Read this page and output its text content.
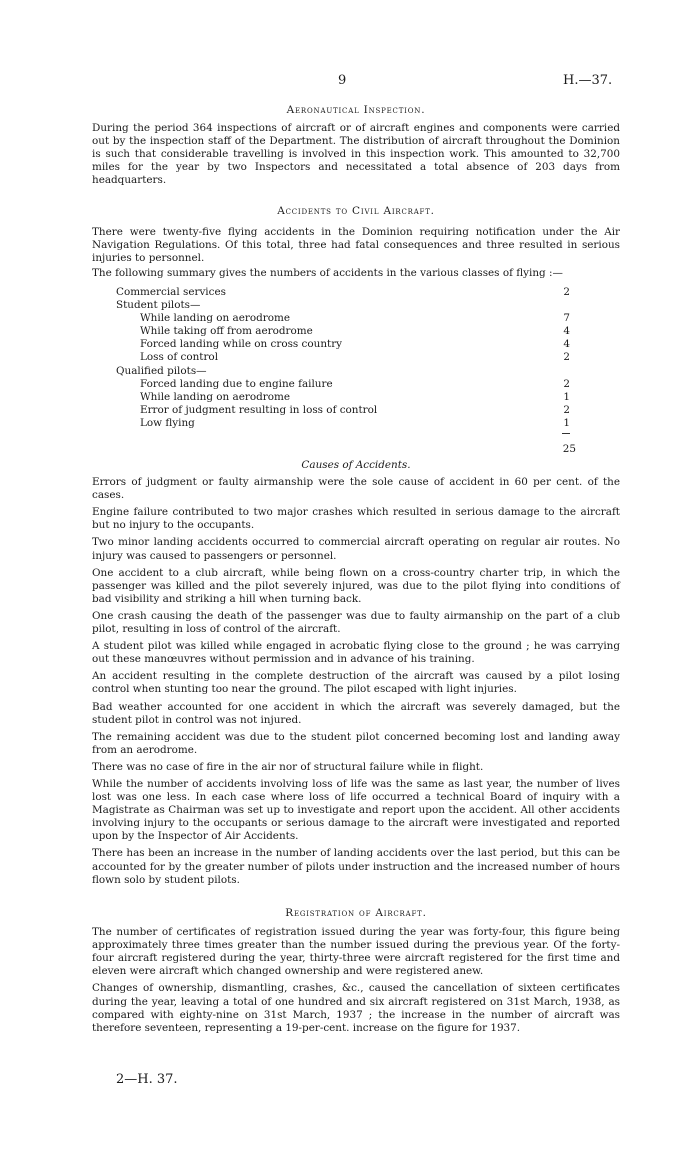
9	H.—37.

Aeronautical Inspection.

During the period 364 inspections of aircraft or of aircraft engines and components were carried out by the inspection staff of the Department. The distribution of aircraft throughout the Dominion is such that considerable travelling is involved in this inspection work. This amounted to 32,700 miles for the year by two Inspectors and necessitated a total absence of 203 days from headquarters.

Accidents to Civil Aircraft.

There were twenty-five flying accidents in the Dominion requiring notification under the Air Navigation Regulations. Of this total, three had fatal consequences and three resulted in serious injuries to personnel.

The following summary gives the numbers of accidents in the various classes of flying :—

Commercial services	2
Student pilots—
While landing on aerodrome	7
While taking off from aerodrome	4
Forced landing while on cross country	4
Loss of control	2
Qualified pilots—
Forced landing due to engine failure	2
While landing on aerodrome	1
Error of judgment resulting in loss of control	2
Low flying	1
25

Causes of Accidents.

Errors of judgment or faulty airmanship were the sole cause of accident in 60 per cent. of the cases.

Engine failure contributed to two major crashes which resulted in serious damage to the aircraft but no injury to the occupants.

Two minor landing accidents occurred to commercial aircraft operating on regular air routes. No injury was caused to passengers or personnel.

One accident to a club aircraft, while being flown on a cross-country charter trip, in which the passenger was killed and the pilot severely injured, was due to the pilot flying into conditions of bad visibility and striking a hill when turning back.

One crash causing the death of the passenger was due to faulty airmanship on the part of a club pilot, resulting in loss of control of the aircraft.

A student pilot was killed while engaged in acrobatic flying close to the ground ; he was carrying out these manœuvres without permission and in advance of his training.

An accident resulting in the complete destruction of the aircraft was caused by a pilot losing control when stunting too near the ground. The pilot escaped with light injuries.

Bad weather accounted for one accident in which the aircraft was severely damaged, but the student pilot in control was not injured.

The remaining accident was due to the student pilot concerned becoming lost and landing away from an aerodrome.

There was no case of fire in the air nor of structural failure while in flight.

While the number of accidents involving loss of life was the same as last year, the number of lives lost was one less. In each case where loss of life occurred a technical Board of inquiry with a Magistrate as Chairman was set up to investigate and report upon the accident. All other accidents involving injury to the occupants or serious damage to the aircraft were investigated and reported upon by the Inspector of Air Accidents.

There has been an increase in the number of landing accidents over the last period, but this can be accounted for by the greater number of pilots under instruction and the increased number of hours flown solo by student pilots.

Registration of Aircraft.

The number of certificates of registration issued during the year was forty-four, this figure being approximately three times greater than the number issued during the previous year. Of the forty-four aircraft registered during the year, thirty-three were aircraft registered for the first time and eleven were aircraft which changed ownership and were registered anew.

Changes of ownership, dismantling, crashes, &c., caused the cancellation of sixteen certificates during the year, leaving a total of one hundred and six aircraft registered on 31st March, 1938, as compared with eighty-nine on 31st March, 1937 ; the increase in the number of aircraft was therefore seventeen, representing a 19-per-cent. increase on the figure for 1937.

2—H. 37.
